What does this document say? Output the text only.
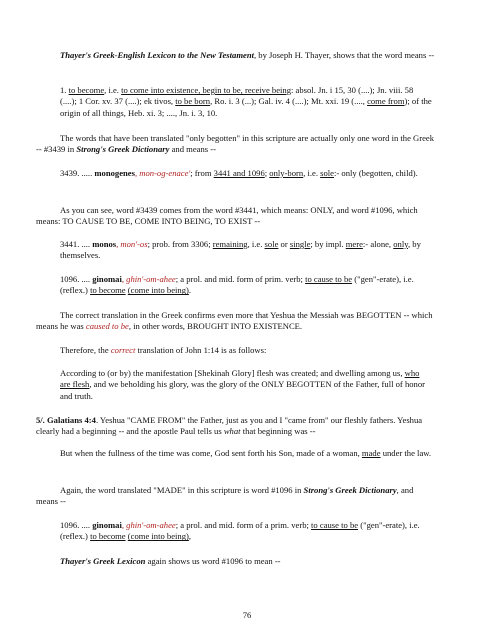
Thayer's Greek-English Lexicon to the New Testament, by Joseph H. Thayer, shows that the word means --

1. to become, i.e. to come into existence, begin to be, receive being: absol. Jn. i 15, 30 (....); Jn. viii. 58 (....); 1 Cor. xv. 37 (....); ek tivos, to be born, Ro. i. 3 (...); Gal. iv. 4 (....); Mt. xxi. 19 (...., come from); of the origin of all things, Heb. xi. 3; ...., Jn. i. 3, 10.

The words that have been translated "only begotten" in this scripture are actually only one word in the Greek -- #3439 in Strong's Greek Dictionary and means --

3439. ..... monogenes, mon-og-enace'; from 3441 and 1096; only-born, i.e. sole:- only (begotten, child).

As you can see, word #3439 comes from the word #3441, which means: ONLY, and word #1096, which means: TO CAUSE TO BE, COME INTO BEING, TO EXIST --

3441. .... monos, mon'-os; prob. from 3306; remaining, i.e. sole or single; by impl. mere:- alone, only, by themselves.

1096. .... ginomai, ghin'-om-ahee; a prol. and mid. form of prim. verb; to cause to be ("gen"-erate), i.e. (reflex.) to become (come into being).

The correct translation in the Greek confirms even more that Yeshua the Messiah was BEGOTTEN -- which means he was caused to be, in other words, BROUGHT INTO EXISTENCE.

Therefore, the correct translation of John 1:14 is as follows:

According to (or by) the manifestation [Shekinah Glory] flesh was created; and dwelling among us, who are flesh, and we beholding his glory, was the glory of the ONLY BEGOTTEN of the Father, full of honor and truth.

5/. Galatians 4:4. Yeshua "CAME FROM" the Father, just as you and I "came from" our fleshly fathers. Yeshua clearly had a beginning -- and the apostle Paul tells us what that beginning was --

But when the fullness of the time was come, God sent forth his Son, made of a woman, made under the law.

Again, the word translated "MADE" in this scripture is word #1096 in Strong's Greek Dictionary, and means --

1096. .... ginomai, ghin'-om-ahee; a prol. and mid. form of a prim. verb; to cause to be ("gen"-erate), i.e. (reflex.) to become (come into being),

Thayer's Greek Lexicon again shows us word #1096 to mean --

76
